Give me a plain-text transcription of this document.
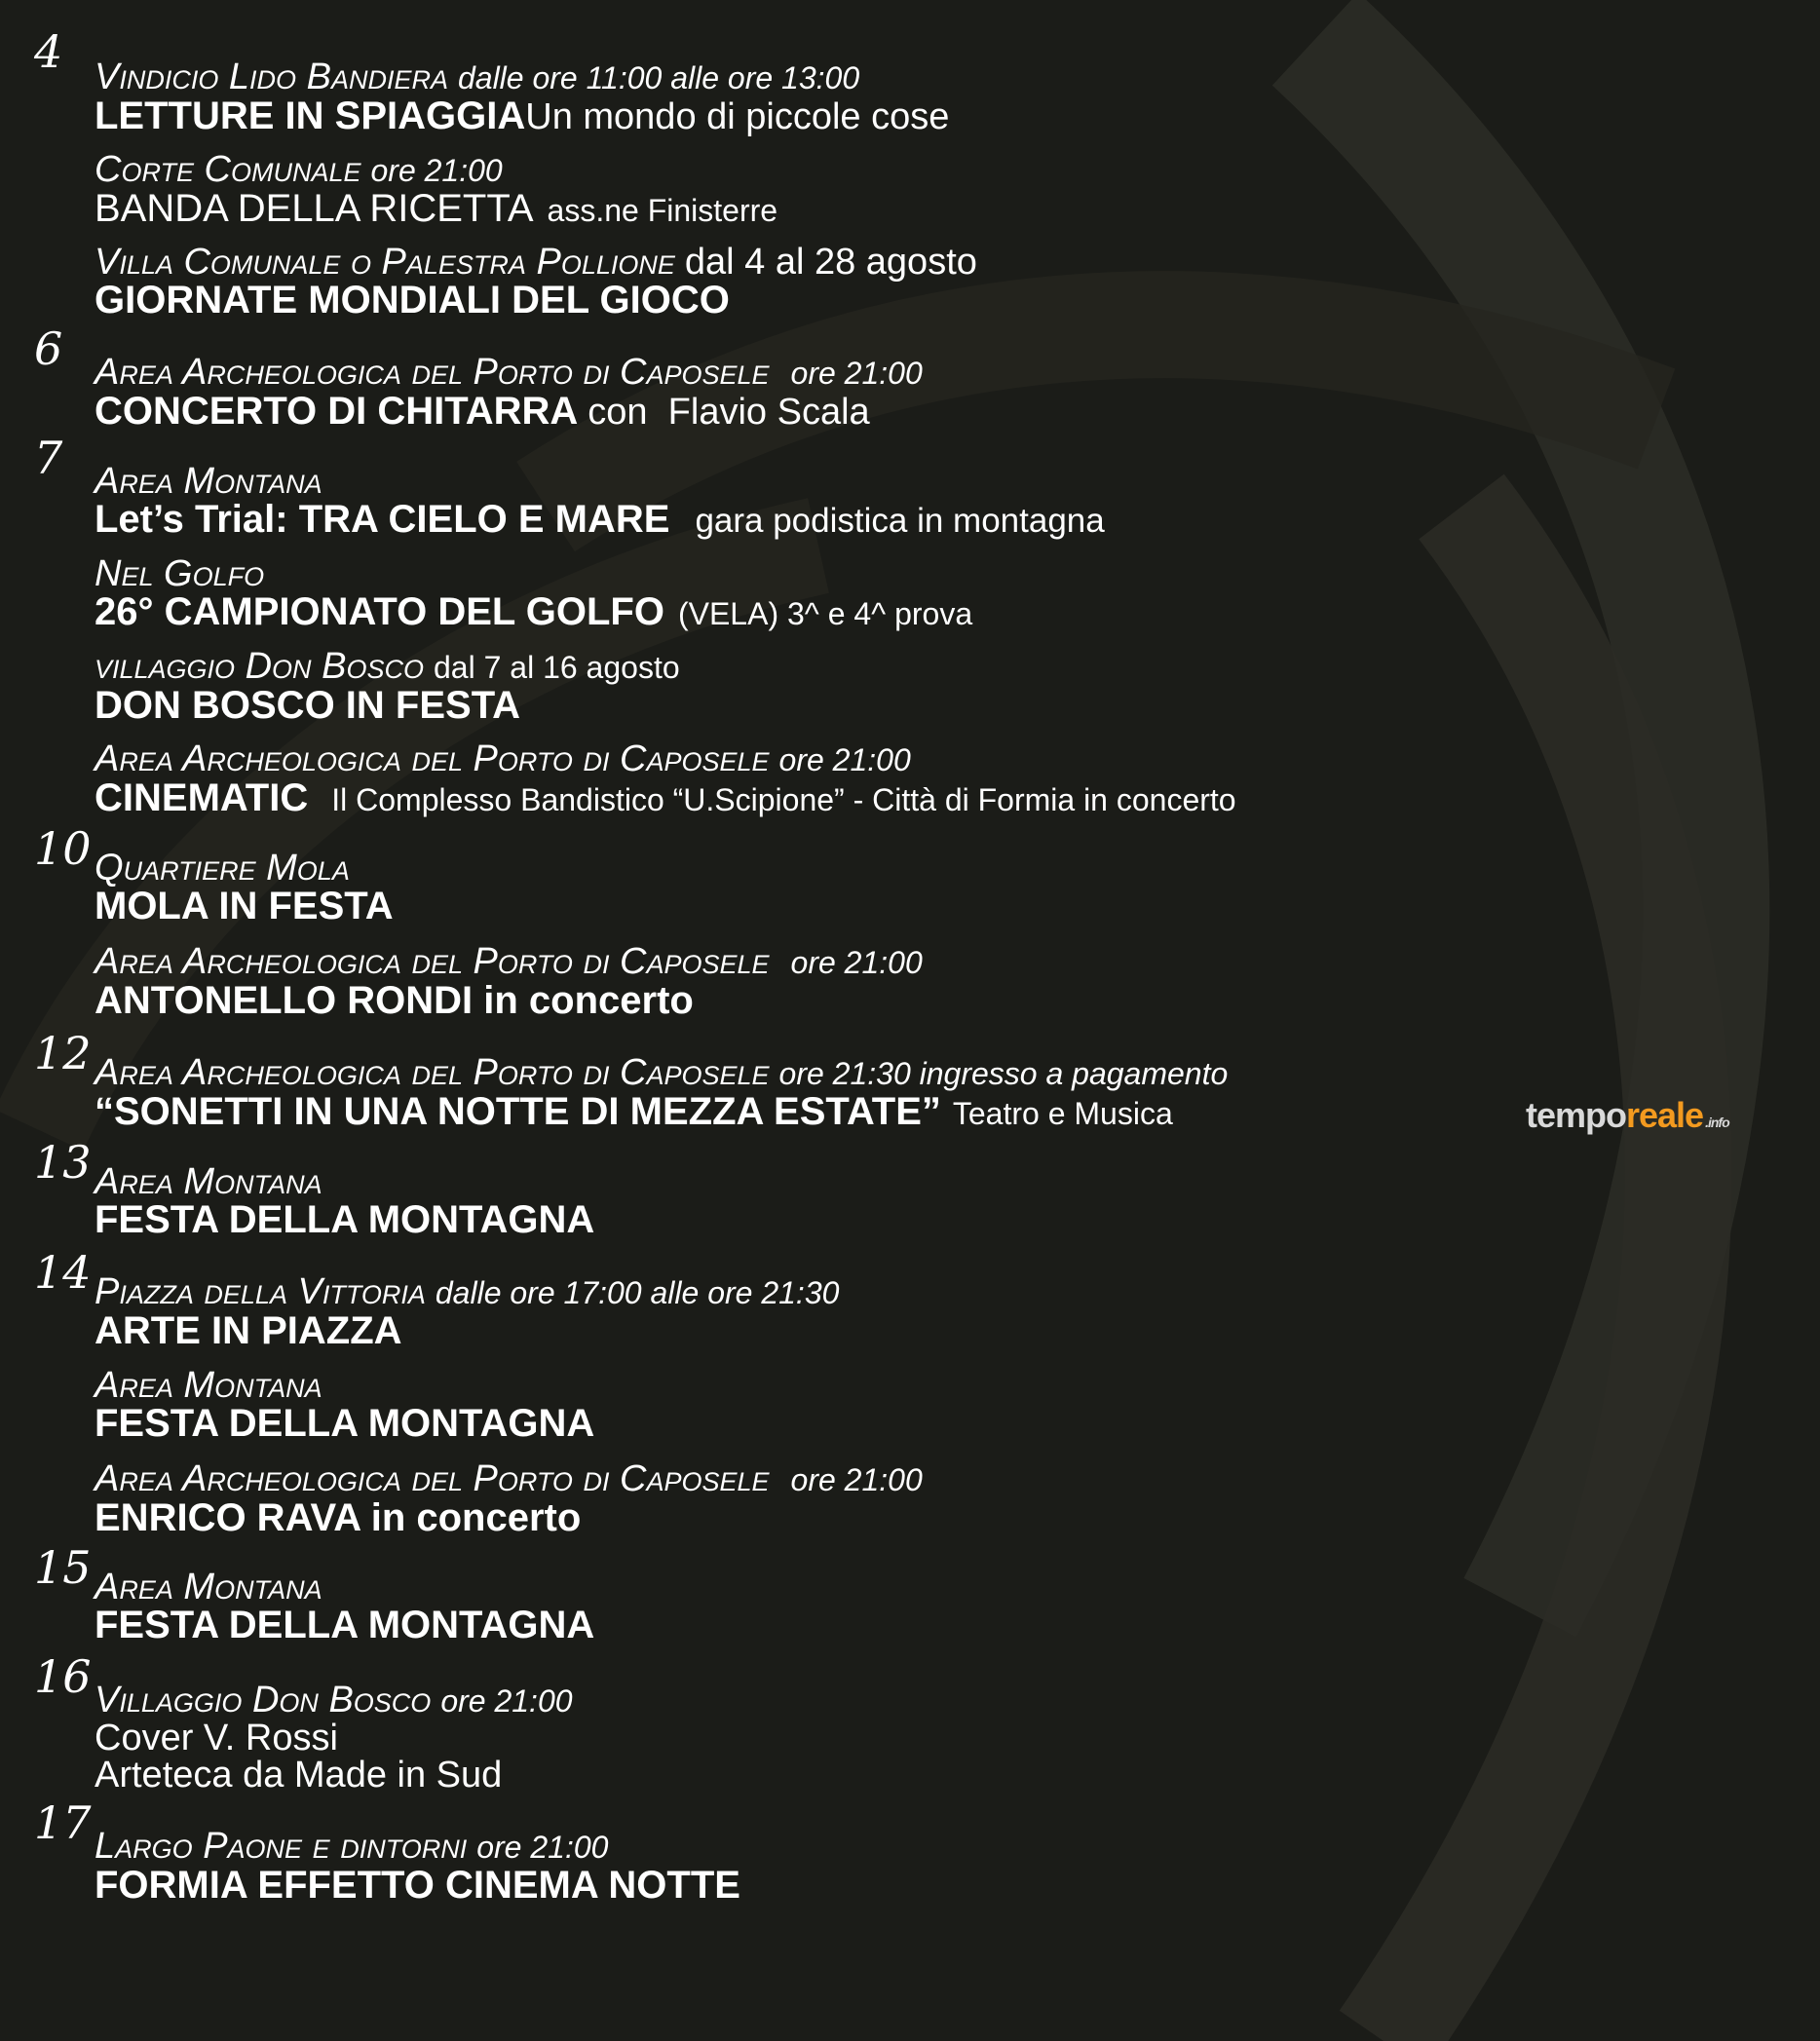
4 Vindicio Lido Bandiera dalle ore 11:00 alle ore 13:00
LETTURE IN SPIAGGIAUn mondo di piccole cose
Corte Comunale ore 21:00
BANDA DELLA RICETTA ass.ne Finisterre
Villa Comunale o Palestra Pollione dal 4 al 28 agosto
GIORNATE MONDIALI DEL GIOCO
6 Area Archeologica del Porto di Caposele ore 21:00
CONCERTO DI CHITARRA con  Flavio Scala
7 Area Montana
Let’s Trial: TRA CIELO E MARE gara podistica in montagna
Nel Golfo
26° CAMPIONATO DEL GOLFO (VELA) 3^ e 4^ prova
villaggio Don Bosco dal 7 al 16 agosto
DON BOSCO IN FESTA
Area Archeologica del Porto di Caposele ore 21:00
CINEMATIC Il Complesso Bandistico “U.Scipione” - Città di Formia in concerto
10 Quartiere Mola
MOLA IN FESTA
Area Archeologica del Porto di Caposele ore 21:00
ANTONELLO RONDI in concerto
12 Area Archeologica del Porto di Caposele ore 21:30 ingresso a pagamento
“SONETTI IN UNA NOTTE DI MEZZA ESTATE” Teatro e Musica
13 Area Montana
FESTA DELLA MONTAGNA
14 Piazza della Vittoria dalle ore 17:00 alle ore 21:30
ARTE IN PIAZZA
Area Montana
FESTA DELLA MONTAGNA
Area Archeologica del Porto di Caposele ore 21:00
ENRICO RAVA in concerto
15 Area Montana
FESTA DELLA MONTAGNA
16 Villaggio Don Bosco ore 21:00
Cover V. Rossi
Arteteca da Made in Sud
17 Largo Paone e dintorni ore 21:00
FORMIA EFFETTO CINEMA NOTTE
temporeale .info
